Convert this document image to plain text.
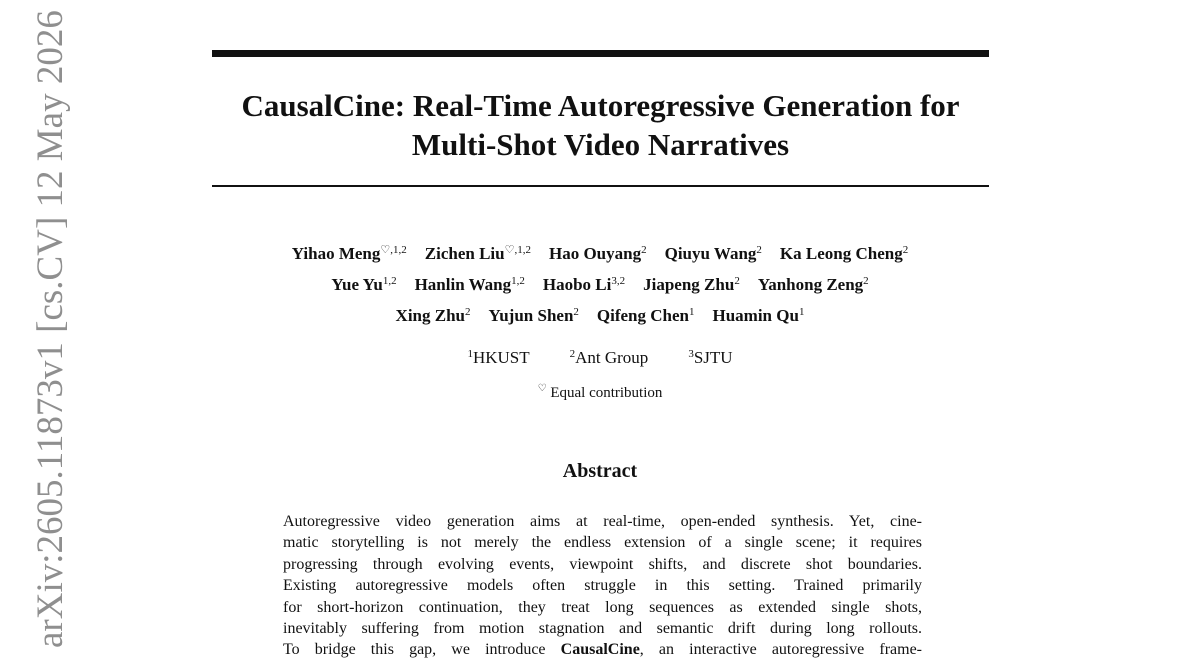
CausalCine: Real-Time Autoregressive Generation for
Multi-Shot Video Narratives
arXiv:2605.11873v1 [cs.CV] 12 May 2026	Yihao Meng$^{♡,1,2}$ Zichen Liu$^{♡,1,2}$ Hao Ouyang$^2$ Qiuyu Wang$^2$ Ka Leong Cheng$^2$
Yue Yu$^{1,2}$ Hanlin Wang$^{1,2}$ Haobo Li$^{3,2}$ Jiapeng Zhu$^2$ Yanhong Zeng$^2$
Xing Zhu$^2$ Yujun Shen$^2$ Qifeng Chen$^1$ Huamin Qu$^1$
$^1$HKUST	$^2$Ant Group	$^3$SJTU
♡ Equal contribution
Abstract
Autoregressive video generation aims at real-time, open-ended synthesis. Yet, cine-
matic storytelling is not merely the endless extension of a single scene; it requires
progressing through evolving events, viewpoint shifts, and discrete shot boundaries.
Existing autoregressive models often struggle in this setting. Trained primarily
for short-horizon continuation, they treat long sequences as extended single shots,
inevitably suffering from motion stagnation and semantic drift during long rollouts.
To bridge this gap, we introduce CausalCine, an interactive autoregressive frame-
